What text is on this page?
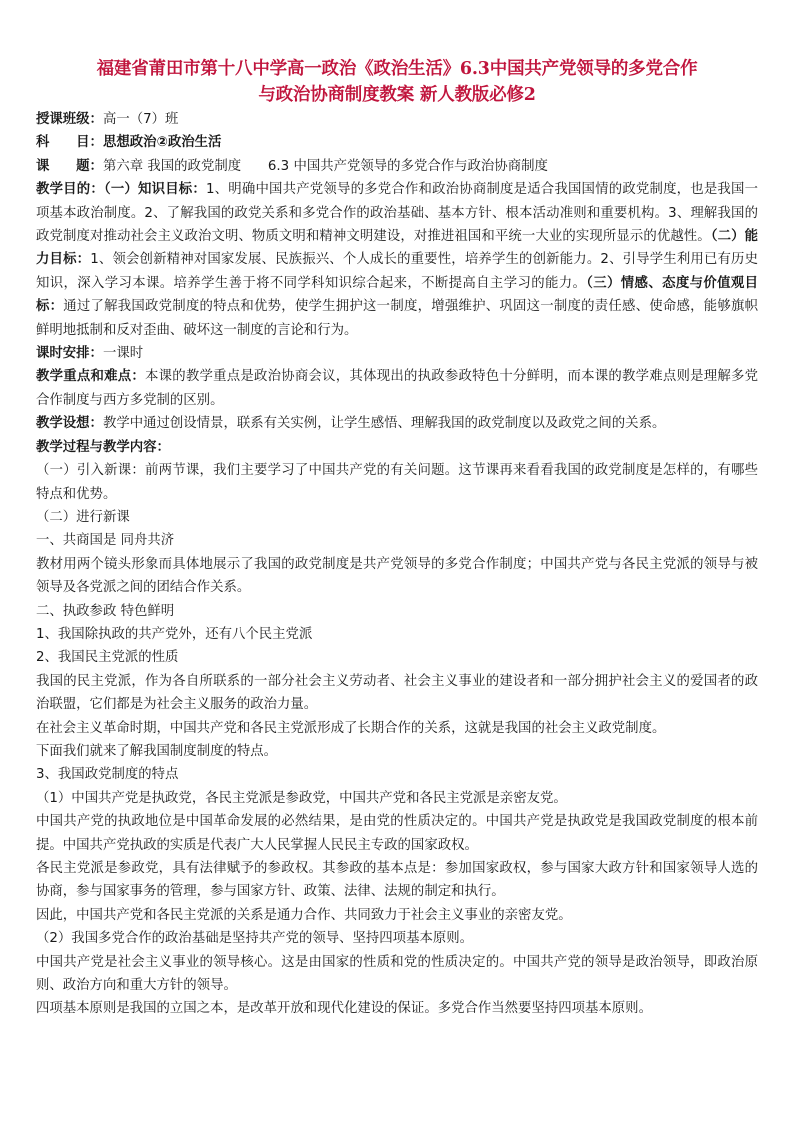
福建省莆田市第十八中学高一政治《政治生活》6.3中国共产党领导的多党合作
与政治协商制度教案 新人教版必修2
授课班级：高一（7）班
科　　目：思想政治②政治生活
课　　题：第六章 我国的政党制度　　6.3 中国共产党领导的多党合作与政治协商制度
教学目的：（一）知识目标：1、明确中国共产党领导的多党合作和政治协商制度是适合我国国情的政党制度，也是我国一项基本政治制度。2、了解我国的政党关系和多党合作的政治基础、基本方针、根本活动准则和重要机构。3、理解我国的政党制度对推动社会主义政治文明、物质文明和精神文明建设，对推进祖国和平统一大业的实现所显示的优越性。（二）能力目标：1、领会创新精神对国家发展、民族振兴、个人成长的重要性，培养学生的创新能力。2、引导学生利用已有历史知识，深入学习本课。培养学生善于将不同学科知识综合起来，不断提高自主学习的能力。（三）情感、态度与价值观目标：通过了解我国政党制度的特点和优势，使学生拥护这一制度，增强维护、巩固这一制度的责任感、使命感，能够旗帜鲜明地抵制和反对歪曲、破坏这一制度的言论和行为。
课时安排：一课时
教学重点和难点：本课的教学重点是政治协商会议，其体现出的执政参政特色十分鲜明，而本课的教学难点则是理解多党合作制度与西方多党制的区别。
教学设想：教学中通过创设情景，联系有关实例，让学生感悟、理解我国的政党制度以及政党之间的关系。
教学过程与教学内容：
（一）引入新课：前两节课，我们主要学习了中国共产党的有关问题。这节课再来看看我国的政党制度是怎样的，有哪些特点和优势。
（二）进行新课
一、共商国是 同舟共济
教材用两个镜头形象而具体地展示了我国的政党制度是共产党领导的多党合作制度；中国共产党与各民主党派的领导与被领导及各党派之间的团结合作关系。
二、执政参政 特色鲜明
1、我国除执政的共产党外，还有八个民主党派
2、我国民主党派的性质
我国的民主党派，作为各自所联系的一部分社会主义劳动者、社会主义事业的建设者和一部分拥护社会主义的爱国者的政治联盟，它们都是为社会主义服务的政治力量。
在社会主义革命时期，中国共产党和各民主党派形成了长期合作的关系，这就是我国的社会主义政党制度。
下面我们就来了解我国制度制度的特点。
3、我国政党制度的特点
（1）中国共产党是执政党，各民主党派是参政党，中国共产党和各民主党派是亲密友党。
中国共产党的执政地位是中国革命发展的必然结果，是由党的性质决定的。中国共产党是执政党是我国政党制度的根本前提。中国共产党执政的实质是代表广大人民掌握人民民主专政的国家政权。
各民主党派是参政党，具有法律赋予的参政权。其参政的基本点是：参加国家政权，参与国家大政方针和国家领导人选的协商，参与国家事务的管理，参与国家方针、政策、法律、法规的制定和执行。
因此，中国共产党和各民主党派的关系是通力合作、共同致力于社会主义事业的亲密友党。
（2）我国多党合作的政治基础是坚持共产党的领导、坚持四项基本原则。
中国共产党是社会主义事业的领导核心。这是由国家的性质和党的性质决定的。中国共产党的领导是政治领导，即政治原则、政治方向和重大方针的领导。
四项基本原则是我国的立国之本，是改革开放和现代化建设的保证。多党合作当然要坚持四项基本原则。
